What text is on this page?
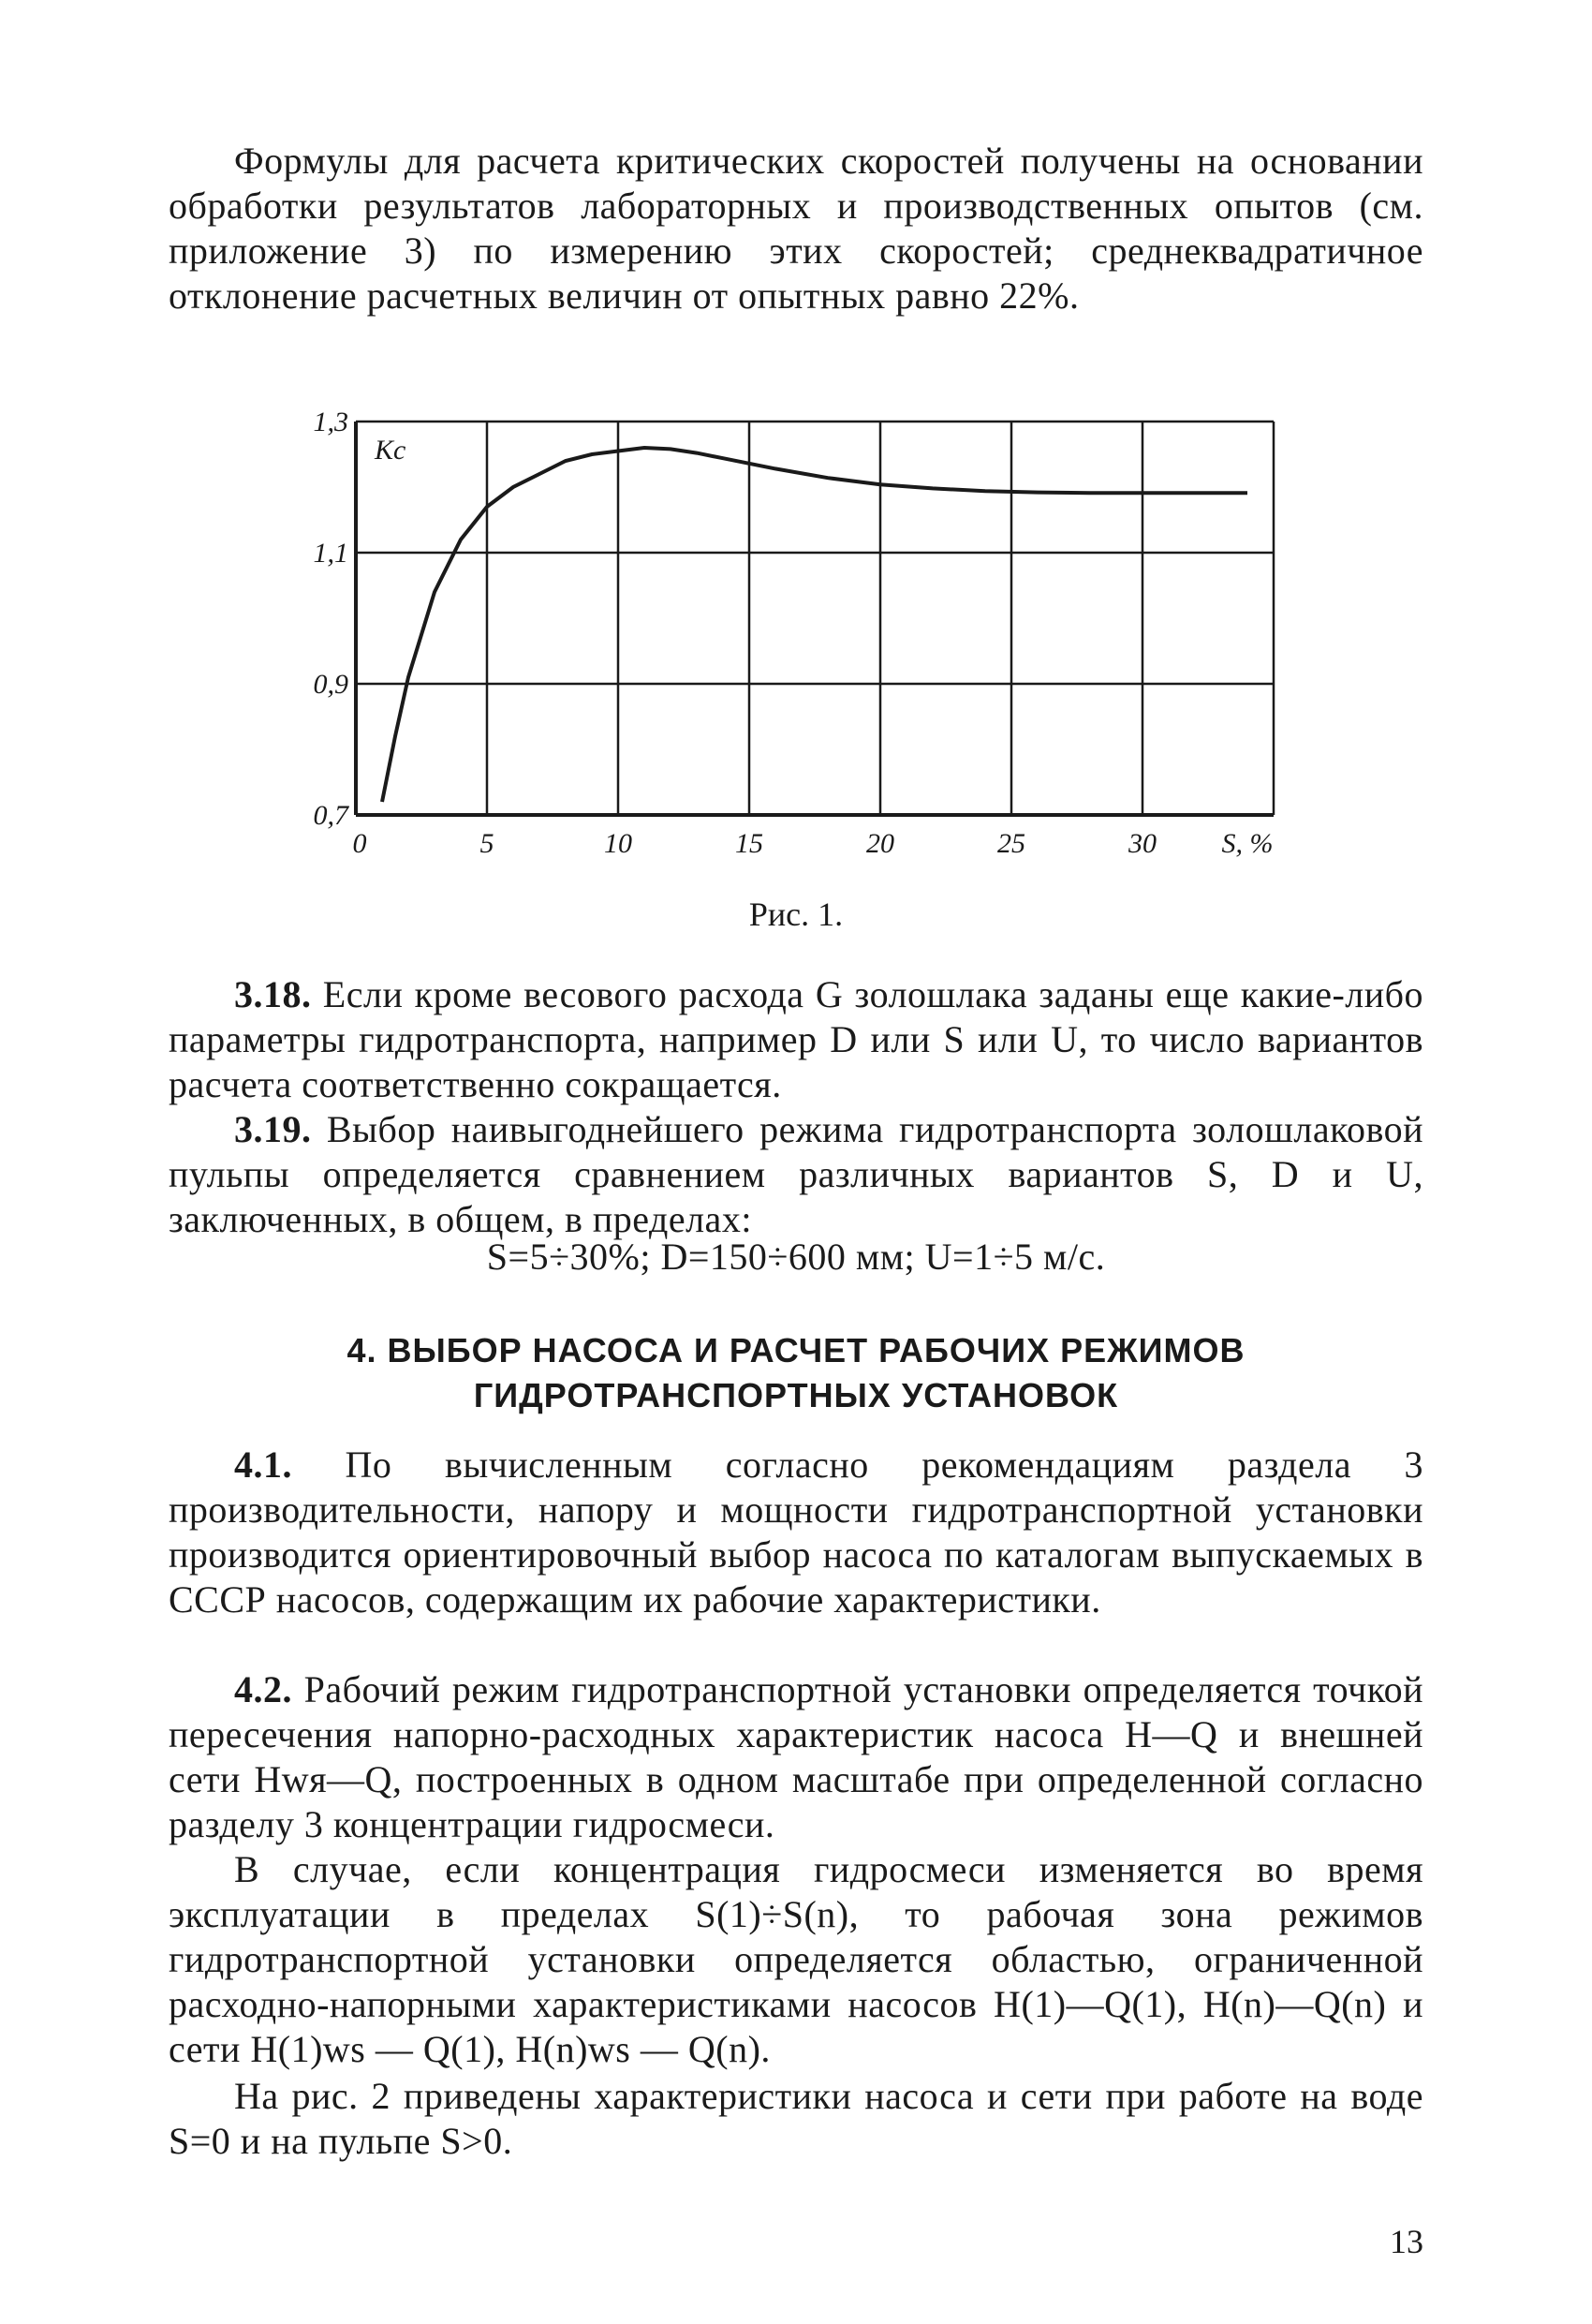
Формулы для расчета критических скоростей получены на основании обработки результатов лабораторных и производственных опытов (см. приложение 3) по измерению этих скоростей; среднеквадратичное отклонение расчетных величин от опытных равно 22%.

0	5	10	15	20	25	30 S, %
0,7
0,9
1,1
1,3
Kc

Рис. 1.

3.18. Если кроме весового расхода G золошлака заданы еще какие-либо параметры гидротранспорта, например D или S или U, то число вариантов расчета соответственно сокращается.

3.19. Выбор наивыгоднейшего режима гидротранспорта золошлаковой пульпы определяется сравнением различных вариантов S, D и U, заключенных, в общем, в пределах:

S=5÷30%; D=150÷600 мм; U=1÷5 м/с.

4. ВЫБОР НАСОСА И РАСЧЕТ РАБОЧИХ РЕЖИМОВ

ГИДРОТРАНСПОРТНЫХ УСТАНОВОК

4.1. По вычисленным согласно рекомендациям раздела 3 производительности, напору и мощности гидротранспортной установки производится ориентировочный выбор насоса по каталогам выпускаемых в СССР насосов, содержащим их рабочие характеристики.

4.2. Рабочий режим гидротранспортной установки определяется точкой пересечения напорно-расходных характеристик насоса H—Q и внешней сети Hwя—Q, построенных в одном масштабе при определенной согласно разделу 3 концентрации гидросмеси.

В случае, если концентрация гидросмеси изменяется во время эксплуатации в пределах S(1)÷S(n), то рабочая зона режимов гидротранспортной установки определяется областью, ограниченной расходно-напорными характеристиками насосов H(1)—Q(1), H(n)—Q(n) и сети H(1)ws — Q(1), H(n)ws — Q(n).

На рис. 2 приведены характеристики насоса и сети при работе на воде S=0 и на пульпе S>0.

13
